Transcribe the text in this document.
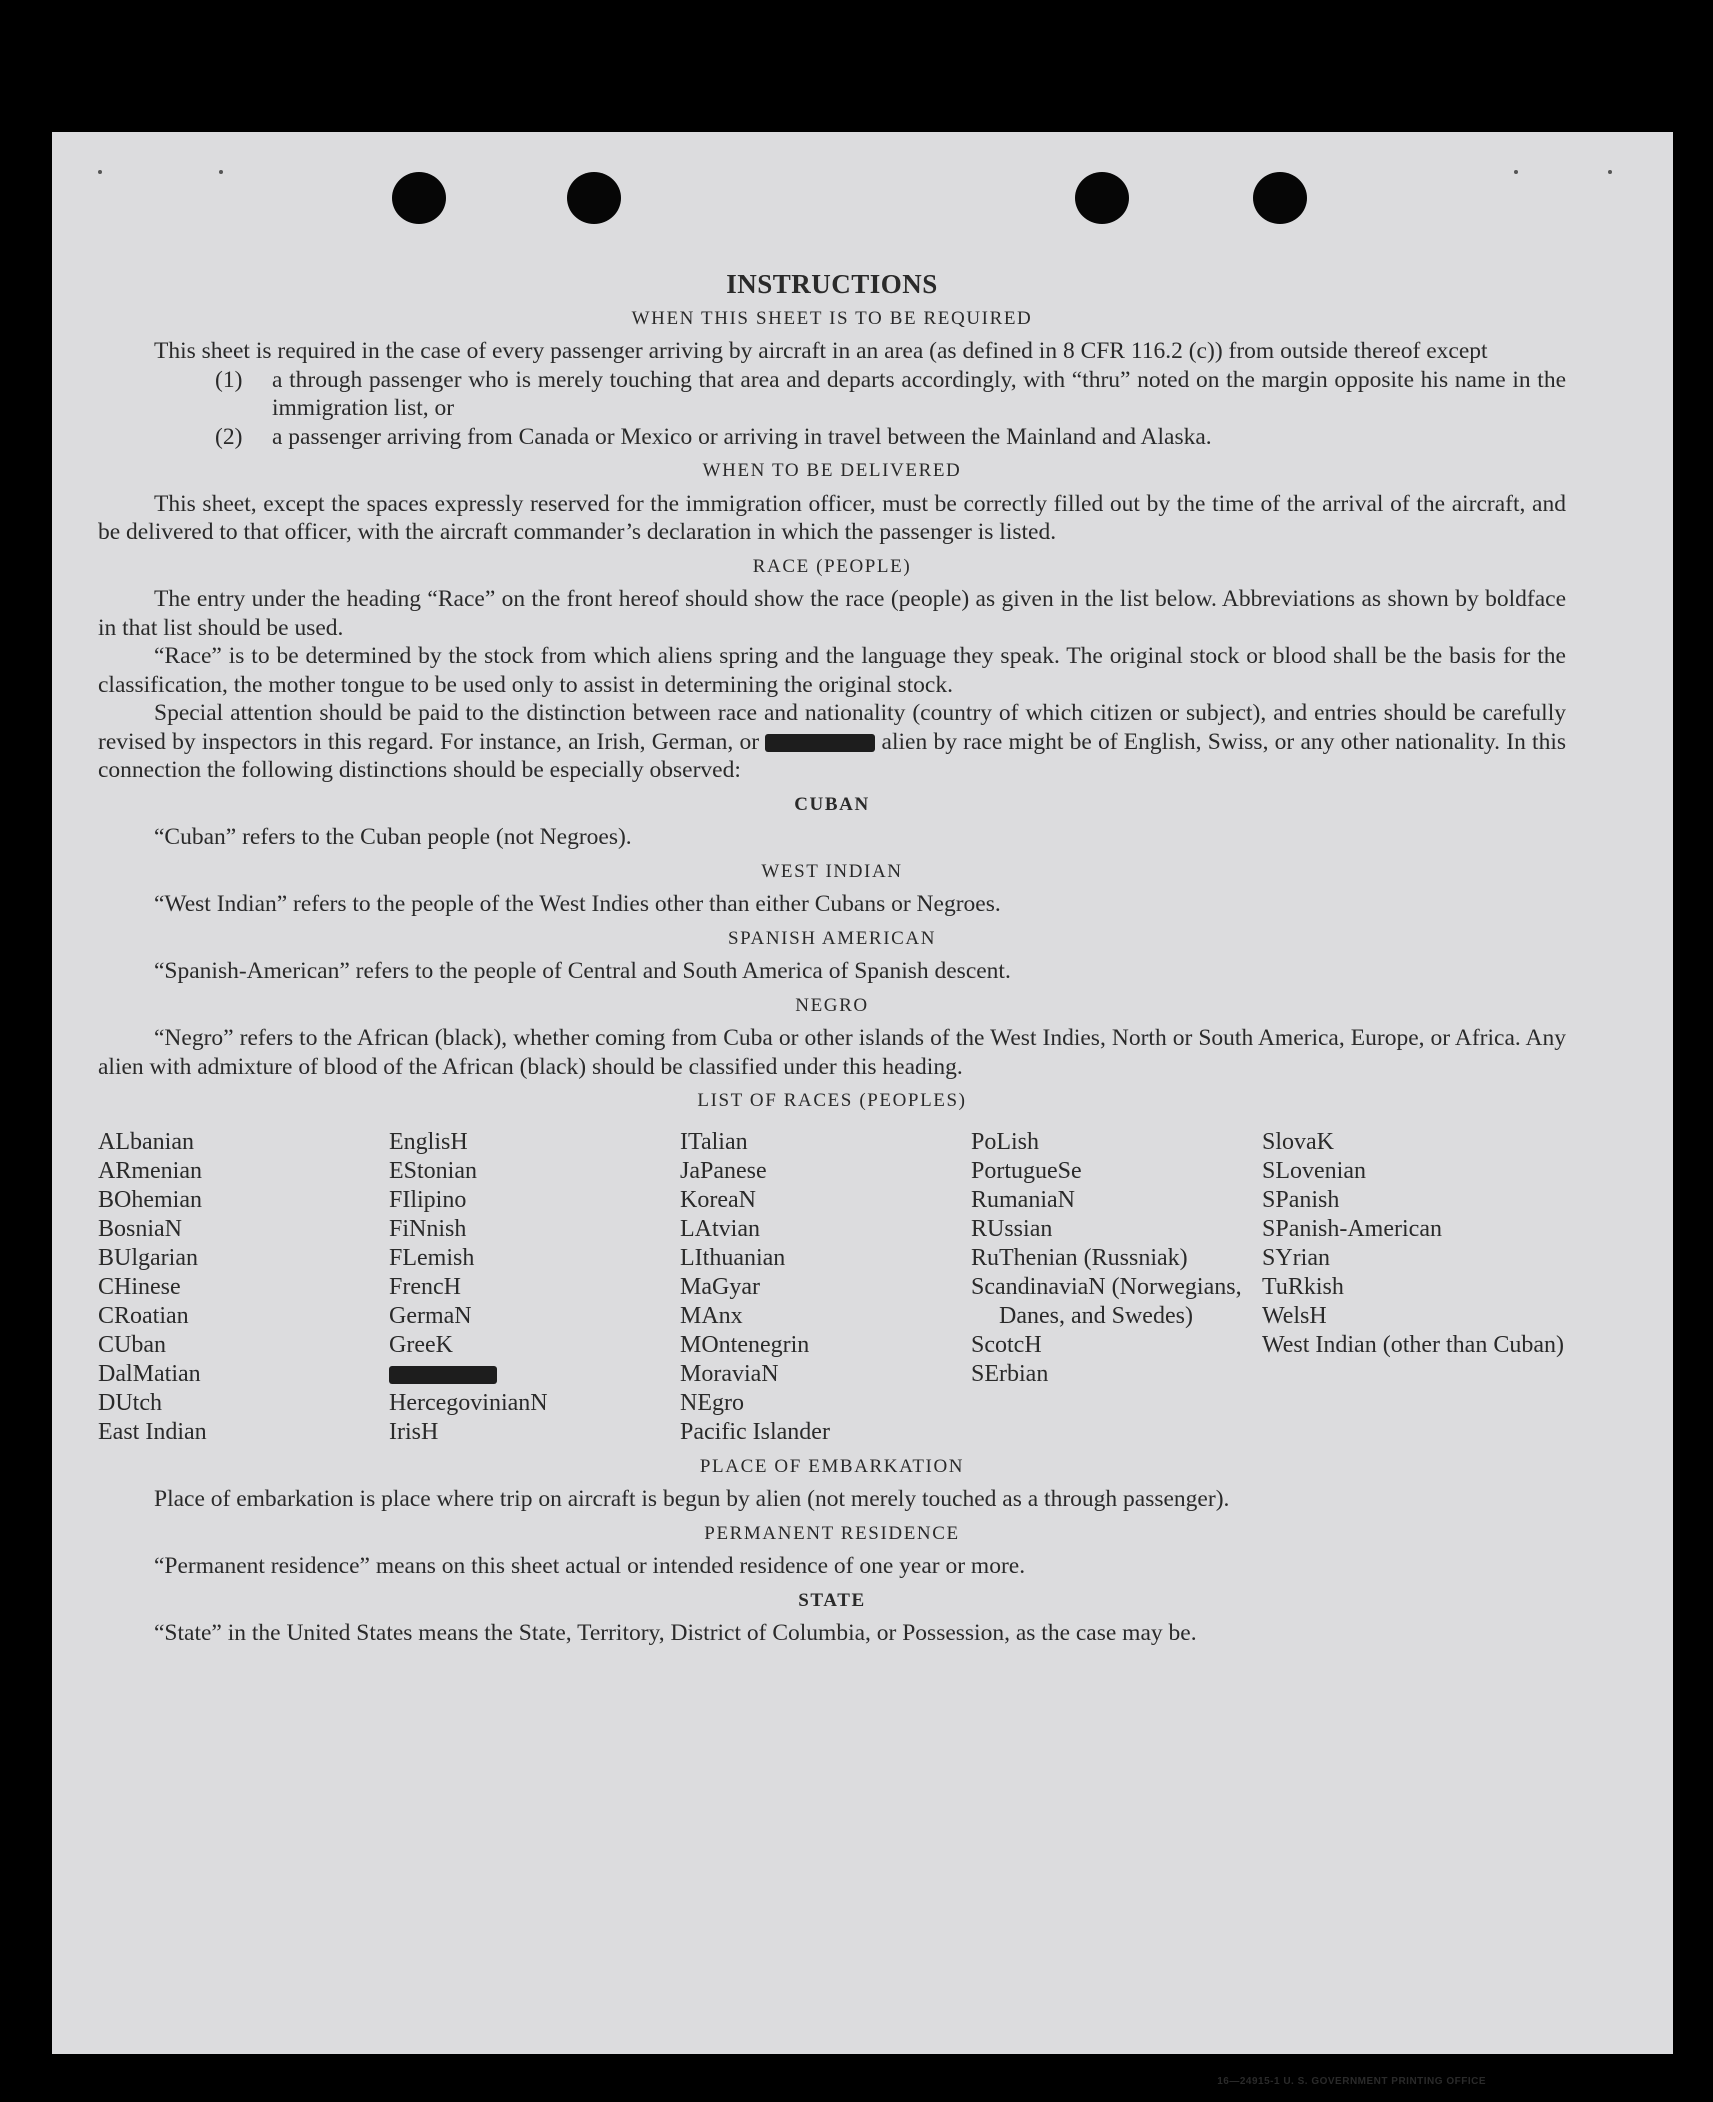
INSTRUCTIONS
WHEN THIS SHEET IS TO BE REQUIRED

This sheet is required in the case of every passenger arriving by aircraft in an area (as defined in 8 CFR 116.2 (c)) from outside thereof except

(1)	a through passenger who is merely touching that area and departs accordingly, with “thru” noted on the margin opposite his name in the immigration list, or
(2)	a passenger arriving from Canada or Mexico or arriving in travel between the Mainland and Alaska.
WHEN TO BE DELIVERED

This sheet, except the spaces expressly reserved for the immigration officer, must be correctly filled out by the time of the arrival of the aircraft, and be delivered to that officer, with the aircraft commander’s declaration in which the passenger is listed.

RACE (PEOPLE)

The entry under the heading “Race” on the front hereof should show the race (people) as given in the list below. Abbreviations as shown by boldface in that list should be used.

“Race” is to be determined by the stock from which aliens spring and the language they speak. The original stock or blood shall be the basis for the classification, the mother tongue to be used only to assist in determining the original stock.

Special attention should be paid to the distinction between race and nationality (country of which citizen or subject), and entries should be carefully revised by inspectors in this regard. For instance, an Irish, German, or	alien by race might be of English, Swiss, or any other nationality. In this connection the following distinctions should be especially observed:

CUBAN

“Cuban” refers to the Cuban people (not Negroes).

WEST INDIAN

“West Indian” refers to the people of the West Indies other than either Cubans or Negroes.

SPANISH AMERICAN

“Spanish-American” refers to the people of Central and South America of Spanish descent.

NEGRO

“Negro” refers to the African (black), whether coming from Cuba or other islands of the West Indies, North or South America, Europe, or Africa. Any alien with admixture of blood of the African (black) should be classified under this heading.

LIST OF RACES (PEOPLES)
ALbanian
ARmenian
BOhemian
BosniaN
BUlgarian
CHinese
CRoatian
CUban
DalMatian
DUtch
East Indian
EnglisH
EStonian
FIlipino
FiNnish
FLemish
FrencH
GermaN
GreeK
HercegovinianN
IrisH
ITalian
JaPanese
KoreaN
LAtvian
LIthuanian
MaGyar
MAnx
MOntenegrin
MoraviaN
NEgro
Pacific Islander
PoLish
PortugueSe
RumaniaN
RUssian
RuThenian (Russniak)
ScandinaviaN (Norwegians, Danes, and Swedes)
ScotcH
SErbian
SlovaK
SLovenian
SPanish
SPanish-American
SYrian
TuRkish
WelsH
West Indian (other than Cuban)
PLACE OF EMBARKATION

Place of embarkation is place where trip on aircraft is begun by alien (not merely touched as a through passenger).

PERMANENT RESIDENCE

“Permanent residence” means on this sheet actual or intended residence of one year or more.

STATE

“State” in the United States means the State, Territory, District of Columbia, or Possession, as the case may be.

16—24915-1 U. S. GOVERNMENT PRINTING OFFICE
